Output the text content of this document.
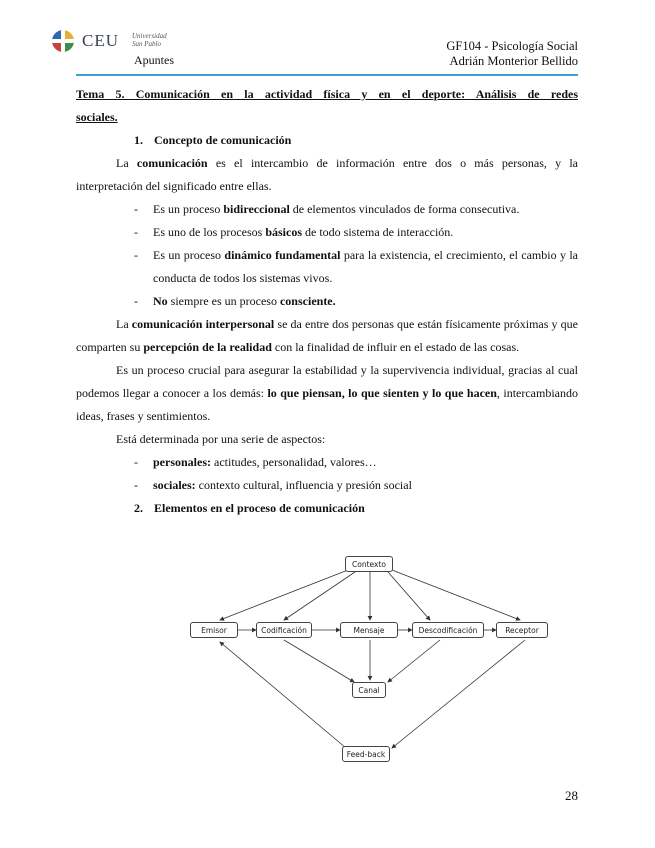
CEU Universidad
San Pablo
Apuntes
GF104 - Psicología Social
Adrián Monterior Bellido
Tema 5. Comunicación en la actividad física y en el deporte: Análisis de redes
sociales.
1. Concepto de comunicación
La comunicación es el intercambio de información entre dos o más personas, y la interpretación del significado entre ellas.
- Es un proceso bidireccional de elementos vinculados de forma consecutiva.
- Es uno de los procesos básicos de todo sistema de interacción.
- Es un proceso dinámico fundamental para la existencia, el crecimiento, el cambio y la conducta de todos los sistemas vivos.
- No siempre es un proceso consciente.
La comunicación interpersonal se da entre dos personas que están físicamente próximas y que comparten su percepción de la realidad con la finalidad de influir en el estado de las cosas.
Es un proceso crucial para asegurar la estabilidad y la supervivencia individual, gracias al cual podemos llegar a conocer a los demás: lo que piensan, lo que sienten y lo que hacen, intercambiando ideas, frases y sentimientos.
Está determinada por una serie de aspectos:
- personales: actitudes, personalidad, valores…
- sociales: contexto cultural, influencia y presión social
2. Elementos en el proceso de comunicación
Contexto
Emisor	Codificación	Mensaje	Descodificación	Receptor
Canal
Feed-back
28
